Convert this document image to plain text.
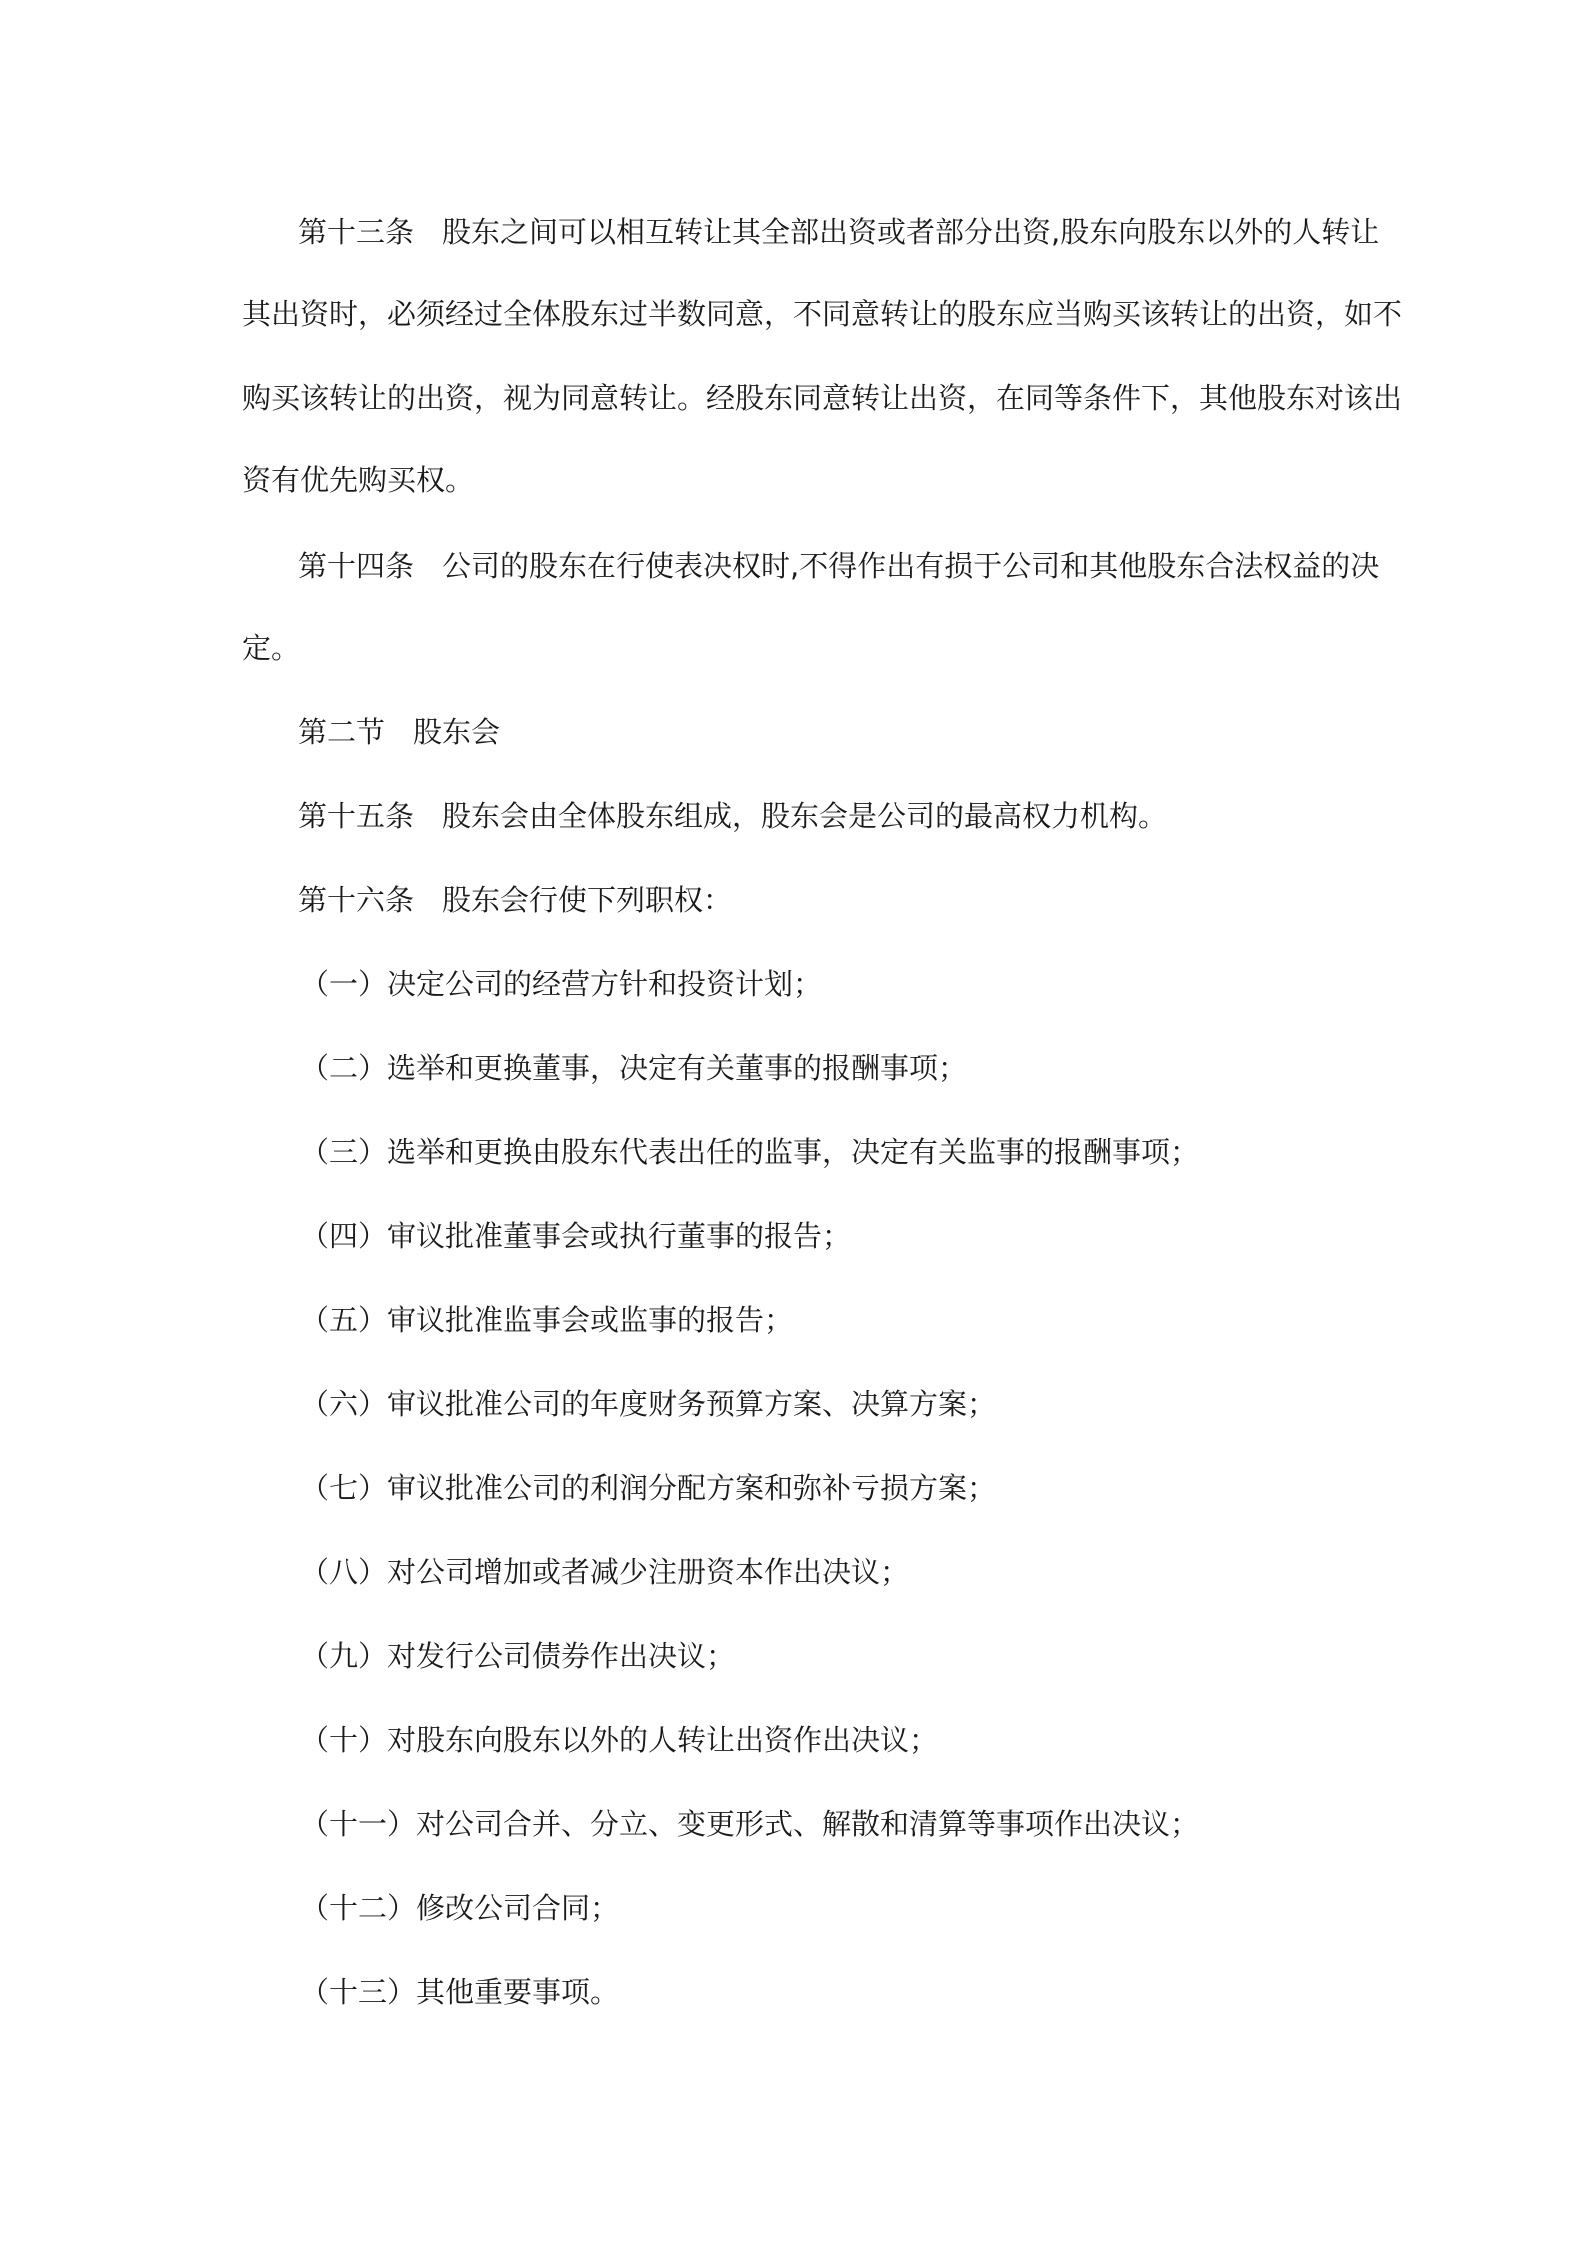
第十三条 股东之间可以相互转让其全部出资或者部分出资,股东向股东以外的人转让
其出资时，必须经过全体股东过半数同意，不同意转让的股东应当购买该转让的出资，如不
购买该转让的出资，视为同意转让。经股东同意转让出资，在同等条件下，其他股东对该出
资有优先购买权。
第十四条 公司的股东在行使表决权时,不得作出有损于公司和其他股东合法权益的决
定。
第二节 股东会
第十五条 股东会由全体股东组成，股东会是公司的最高权力机构。
第十六条 股东会行使下列职权：
（一）决定公司的经营方针和投资计划；
（二）选举和更换董事，决定有关董事的报酬事项；
（三）选举和更换由股东代表出任的监事，决定有关监事的报酬事项；
（四）审议批准董事会或执行董事的报告；
（五）审议批准监事会或监事的报告；
（六）审议批准公司的年度财务预算方案、决算方案；
（七）审议批准公司的利润分配方案和弥补亏损方案；
（八）对公司增加或者减少注册资本作出决议；
（九）对发行公司债券作出决议；
（十）对股东向股东以外的人转让出资作出决议；
（十一）对公司合并、分立、变更形式、解散和清算等事项作出决议；
（十二）修改公司合同；
（十三）其他重要事项。
